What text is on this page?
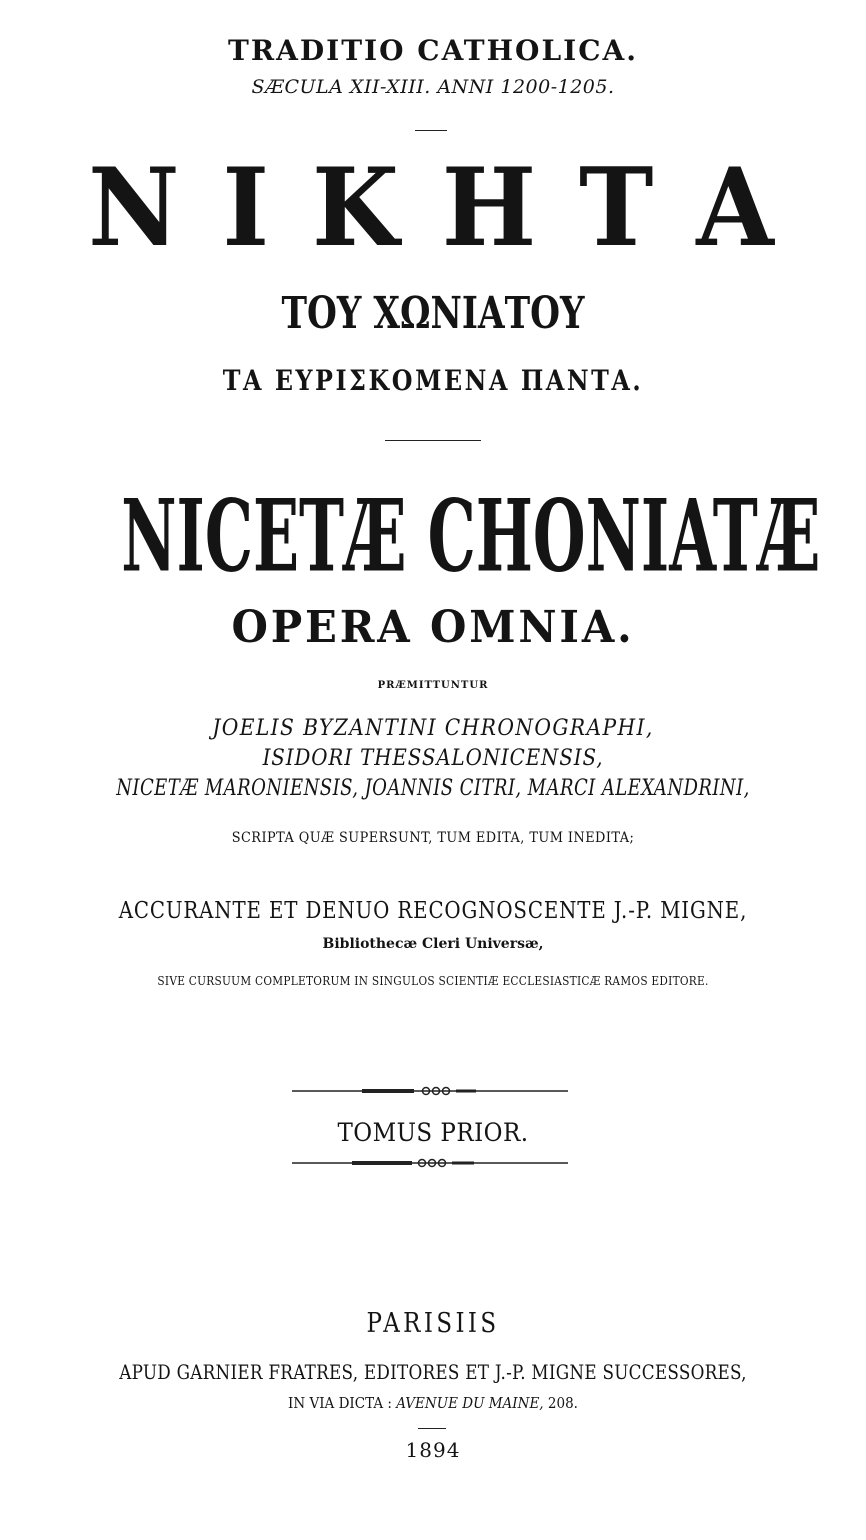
TRADITIO CATHOLICA.
SÆCULA XII-XIII. ANNI 1200-1205.
N I K H T A
ΤΟΥ ΧΩΝΙΑΤΟΥ
ΤΑ ΕΥΡΙΣΚΟΜΕΝΑ ΠΑΝΤΑ.
NICETÆ CHONIATÆ
OPERA OMNIA.
PRÆMITTUNTUR
JOELIS BYZANTINI CHRONOGRAPHI,
ISIDORI THESSALONICENSIS,
NICETÆ MARONIENSIS, JOANNIS CITRI, MARCI ALEXANDRINI,
SCRIPTA QUÆ SUPERSUNT, TUM EDITA, TUM INEDITA;
ACCURANTE ET DENUO RECOGNOSCENTE J.-P. MIGNE,
Bibliothecæ Cleri Universæ,
SIVE CURSUUM COMPLETORUM IN SINGULOS SCIENTIÆ ECCLESIASTICÆ RAMOS EDITORE.
TOMUS PRIOR.
PARISIIS
APUD GARNIER FRATRES, EDITORES ET J.-P. MIGNE SUCCESSORES,
IN VIA DICTA : AVENUE DU MAINE, 208.
1894
